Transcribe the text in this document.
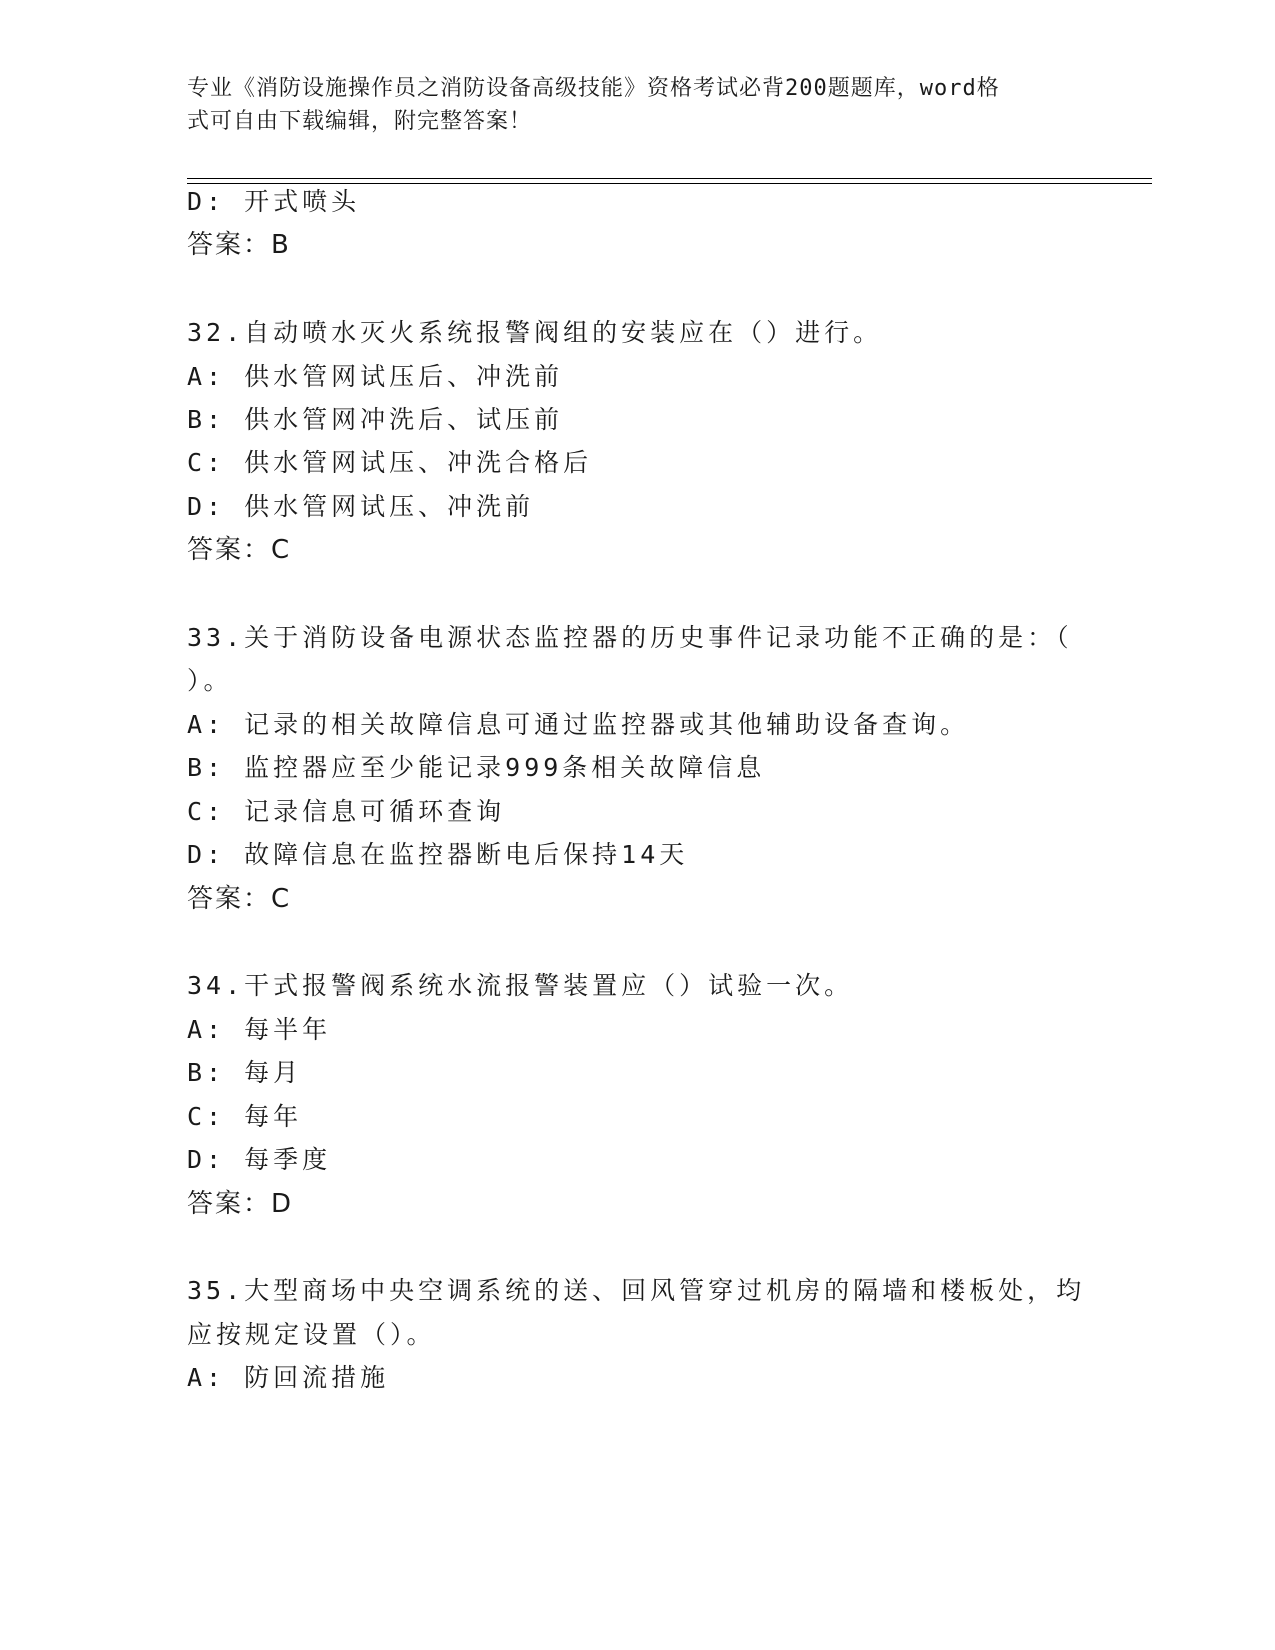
专业《消防设施操作员之消防设备高级技能》资格考试必背200题题库，word格
式可自由下载编辑，附完整答案！
D: 开式喷头
答案：B
32.自动喷水灭火系统报警阀组的安装应在（）进行。
A: 供水管网试压后、冲洗前
B: 供水管网冲洗后、试压前
C: 供水管网试压、冲洗合格后
D: 供水管网试压、冲洗前
答案：C
33.关于消防设备电源状态监控器的历史事件记录功能不正确的是：（
）。
A: 记录的相关故障信息可通过监控器或其他辅助设备查询。
B: 监控器应至少能记录999条相关故障信息
C: 记录信息可循环查询
D: 故障信息在监控器断电后保持14天
答案：C
34.干式报警阀系统水流报警装置应（）试验一次。
A: 每半年
B: 每月
C: 每年
D: 每季度
答案：D
35.大型商场中央空调系统的送、回风管穿过机房的隔墙和楼板处，均
应按规定设置（）。
A: 防回流措施
